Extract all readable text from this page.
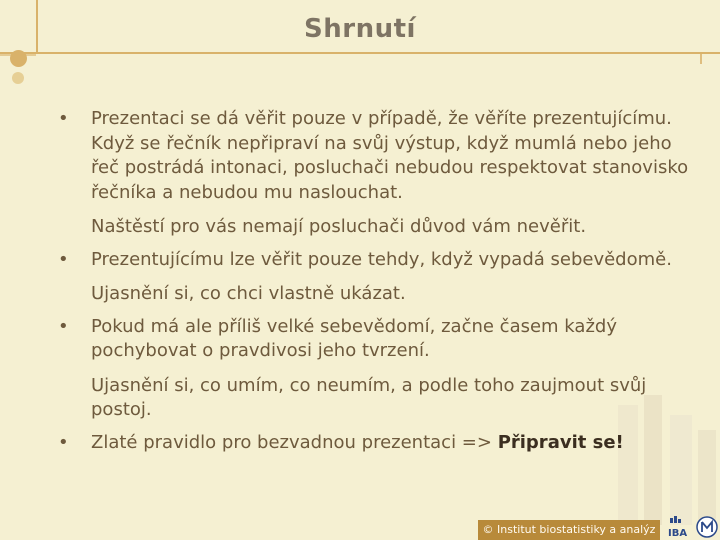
Shrnutí
•	Prezentaci se dá věřit pouze v případě, že věříte prezentujícímu. Když se řečník nepřipraví na svůj výstup, když mumlá nebo jeho řeč postrádá intonaci, posluchači nebudou respektovat stanovisko řečníka a nebudou mu naslouchat.
Naštěstí pro vás nemají posluchači důvod vám nevěřit.
•	Prezentujícímu lze věřit pouze tehdy, když vypadá sebevědomě.
Ujasnění si, co chci vlastně ukázat.
•	Pokud má ale příliš velké sebevědomí, začne časem každý pochybovat o pravdivosi jeho tvrzení.
Ujasnění si, co umím, co neumím, a podle toho zaujmout svůj postoj.
•	Zlaté pravidlo pro bezvadnou prezentaci => Připravit se!
© Institut biostatistiky a analýz	IBA
